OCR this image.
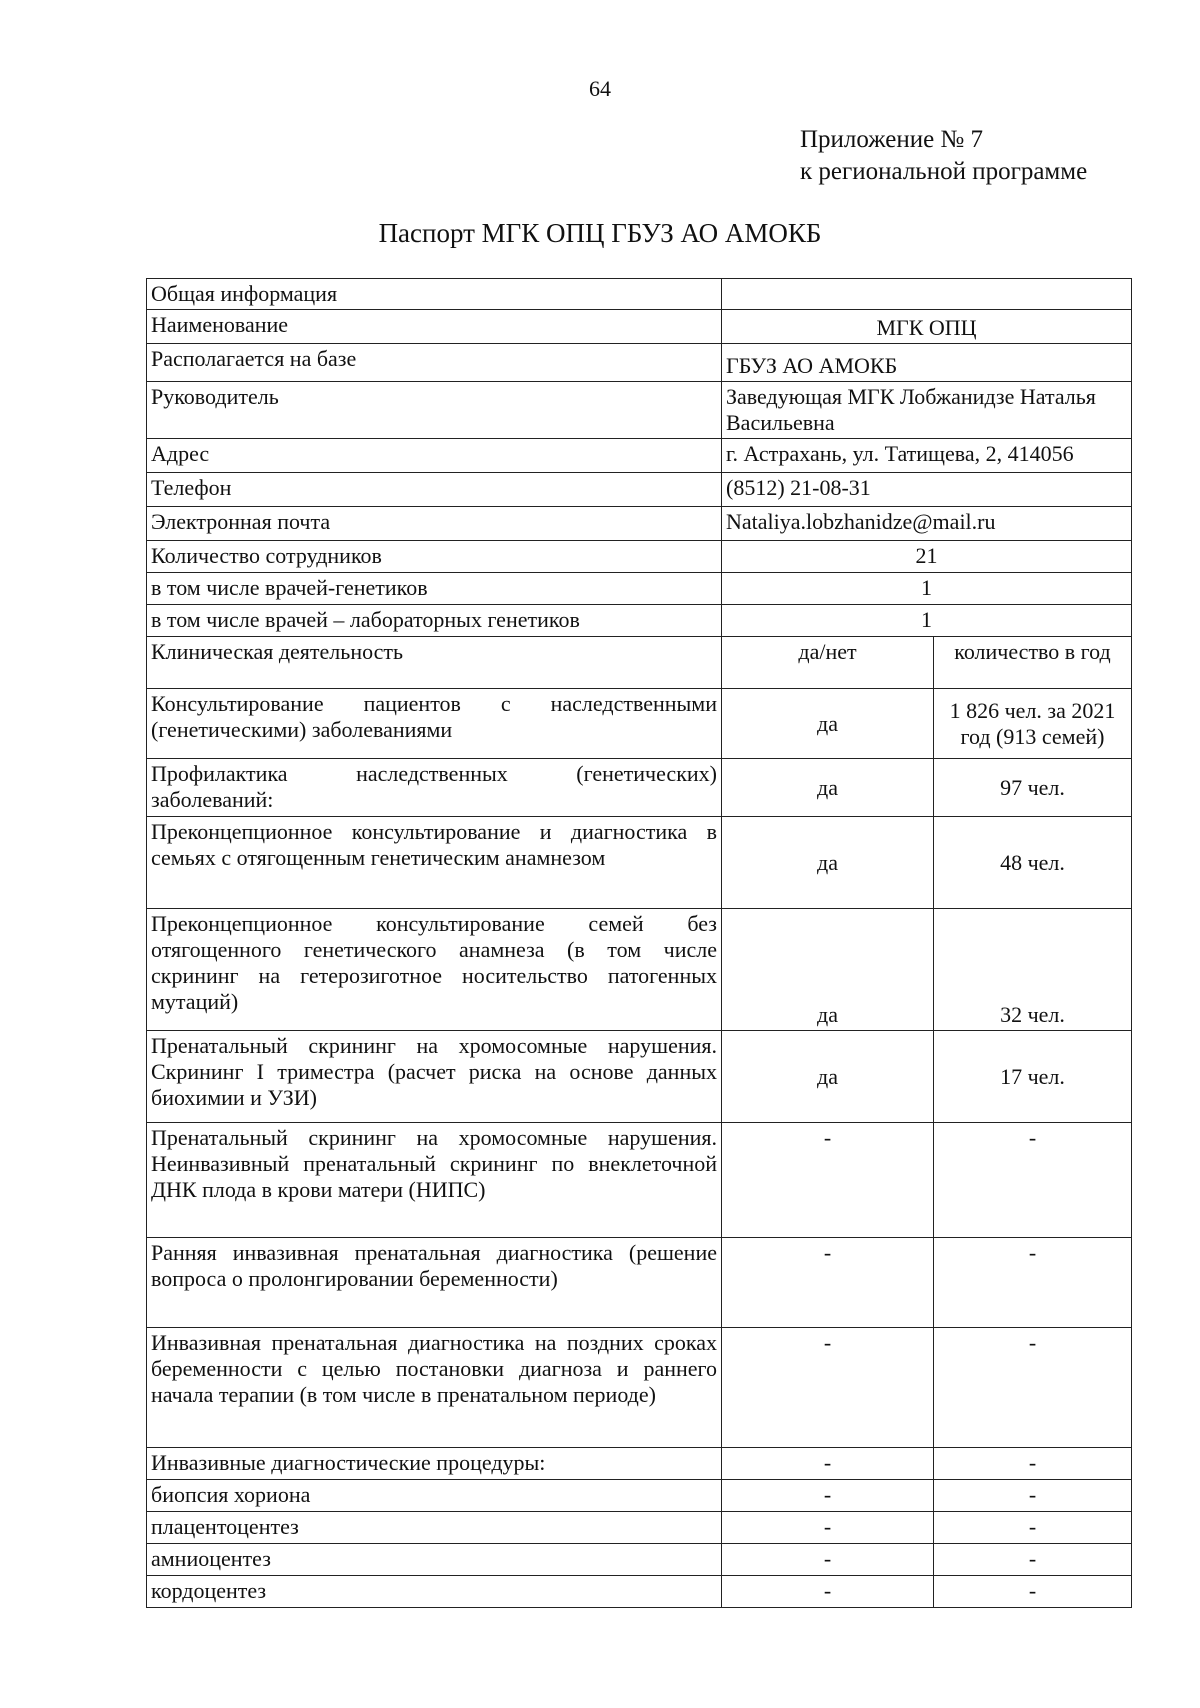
64
Приложение № 7
к региональной программе
Паспорт МГК ОПЦ ГБУЗ АО АМОКБ
Общая информация		
Наименование	МГК ОПЦ	
Располагается на базе	ГБУЗ АО АМОКБ	
Руководитель	Заведующая МГК Лобжанидзе Наталья Васильевна	
Адрес	г. Астрахань, ул. Татищева, 2, 414056	
Телефон	(8512) 21-08-31	
Электронная почта	Nataliya.lobzhanidze@mail.ru	
Количество сотрудников	21	
в том числе врачей-генетиков	1	
в том числе врачей – лабораторных генетиков	1	
Клиническая деятельность	да/нет	количество в год
Консультирование пациентов с наследственными (генетическими) заболеваниями	да	1 826 чел. за 2021 год (913 семей)
Профилактика наследственных (генетических) заболеваний:	да	97 чел.
Преконцепционное консультирование и диагностика в семьях с отягощенным генетическим анамнезом	да	48 чел.
Преконцепционное консультирование семей без отягощенного генетического анамнеза (в том числе скрининг на гетерозиготное носительство патогенных мутаций)	да	32 чел.
Пренатальный скрининг на хромосомные нарушения. Скрининг I триместра (расчет риска на основе данных биохимии и УЗИ)	да	17 чел.
Пренатальный скрининг на хромосомные нарушения. Неинвазивный пренатальный скрининг по внеклеточной ДНК плода в крови матери (НИПС)	-	-
Ранняя инвазивная пренатальная диагностика (решение вопроса о пролонгировании беременности)	-	-
Инвазивная пренатальная диагностика на поздних сроках беременности с целью постановки диагноза и раннего начала терапии (в том числе в пренатальном периоде)	-	-
Инвазивные диагностические процедуры:	-	-
биопсия хориона	-	-
плацентоцентез	-	-
амниоцентез	-	-
кордоцентез	-	-
